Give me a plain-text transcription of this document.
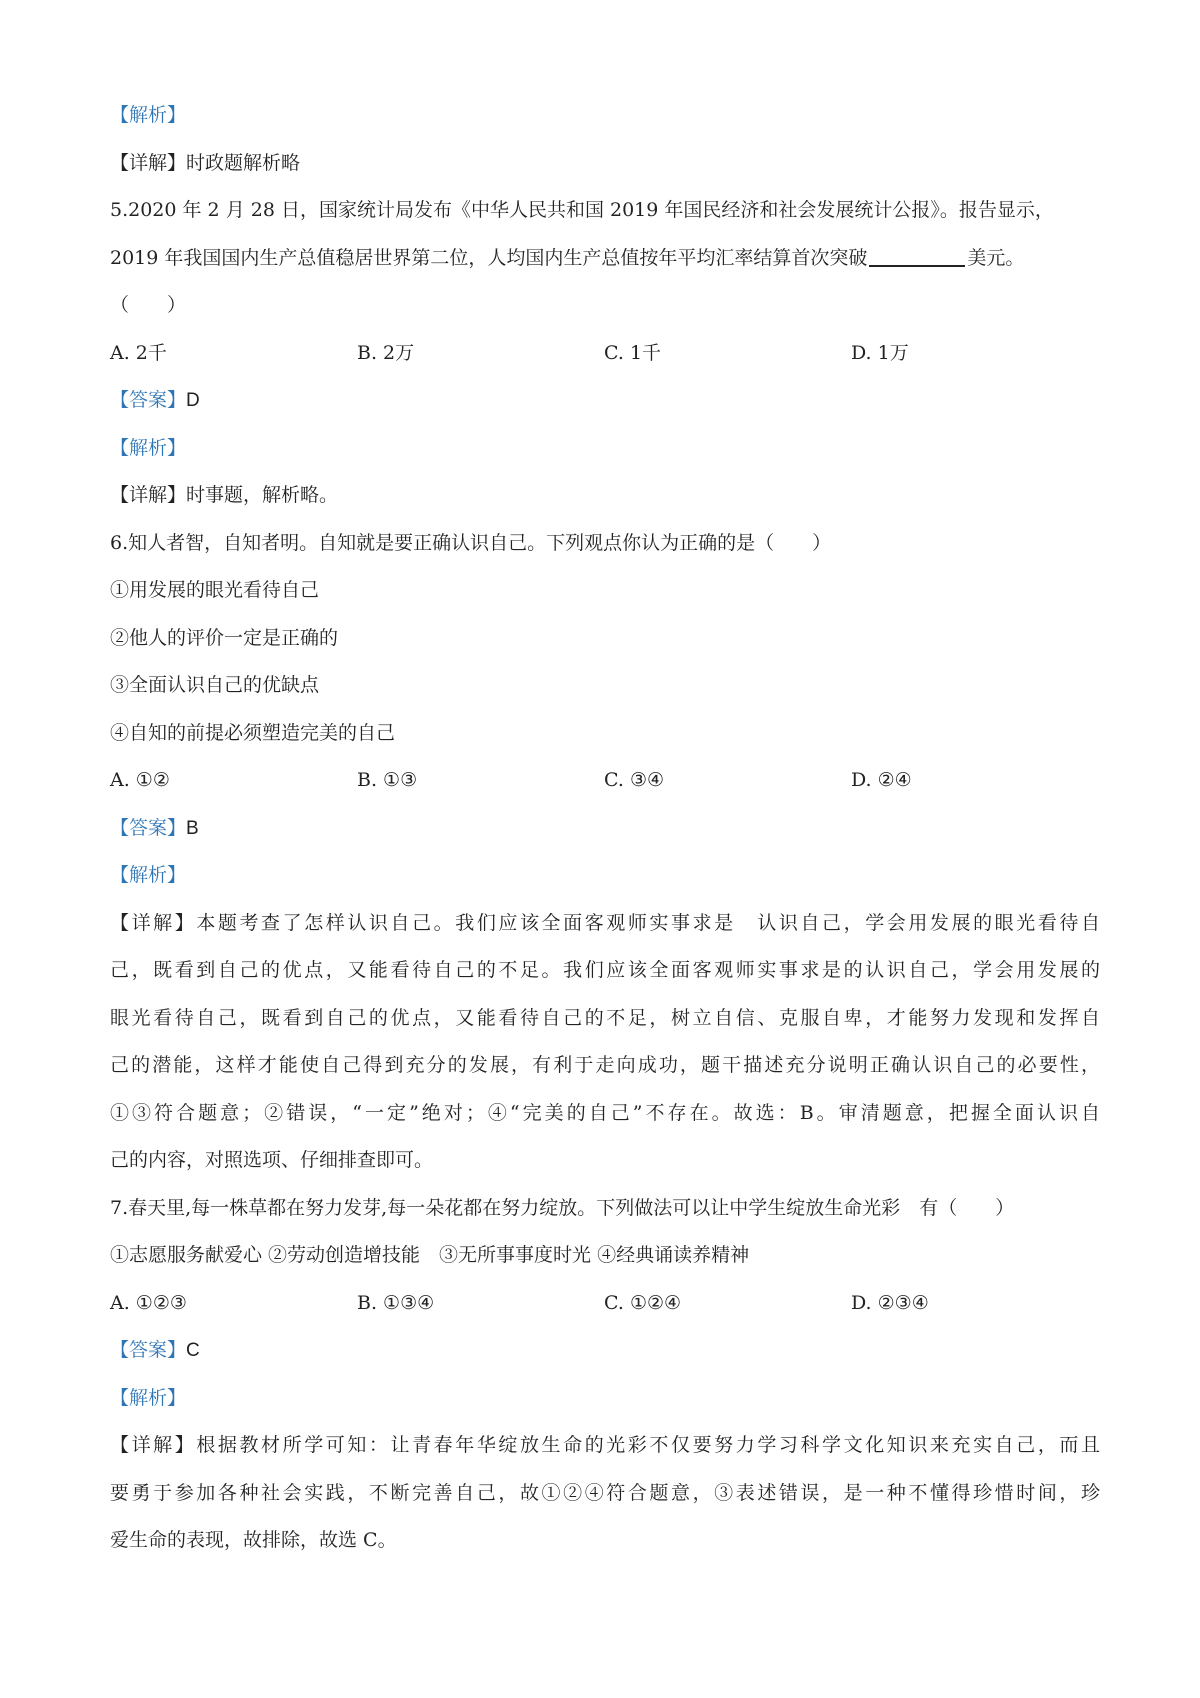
【解析】
【详解】时政题解析略
5.2020 年 2 月 28 日，国家统计局发布《中华人民共和国 2019 年国民经济和社会发展统计公报》。报告显示，
2019 年我国国内生产总值稳居世界第二位，人均国内生产总值按年平均汇率结算首次突破	美元。
（　　）
A. 2千	B. 2万	C. 1千	D. 1万
【答案】D
【解析】
【详解】时事题，解析略。
6.知人者智，自知者明。自知就是要正确认识自己。下列观点你认为正确的是（　　）
①用发展的眼光看待自己
②他人的评价一定是正确的
③全面认识自己的优缺点
④自知的前提必须塑造完美的自己
A. ①②	B. ①③	C. ③④	D. ②④
【答案】B
【解析】
【详解】本题考查了怎样认识自己。我们应该全面客观师实事求是　认识自己，学会用发展的眼光看待自
己，既看到自己的优点，又能看待自己的不足。我们应该全面客观师实事求是的认识自己，学会用发展的
眼光看待自己，既看到自己的优点，又能看待自己的不足，树立自信、克服自卑，才能努力发现和发挥自
己的潜能，这样才能使自己得到充分的发展，有利于走向成功，题干描述充分说明正确认识自己的必要性，
①③符合题意；②错误，“一定”绝对；④“完美的自己”不存在。故选：B。审清题意，把握全面认识自
己的内容，对照选项、仔细排查即可。
7.春天里,每一株草都在努力发芽,每一朵花都在努力绽放。下列做法可以让中学生绽放生命光彩　有（　　）
①志愿服务献爱心 ②劳动创造增技能　③无所事事度时光 ④经典诵读养精神
A. ①②③	B. ①③④	C. ①②④	D. ②③④
【答案】C
【解析】
【详解】根据教材所学可知：让青春年华绽放生命的光彩不仅要努力学习科学文化知识来充实自己，而且
要勇于参加各种社会实践，不断完善自己，故①②④符合题意，③表述错误，是一种不懂得珍惜时间，珍
爱生命的表现，故排除，故选 C。
